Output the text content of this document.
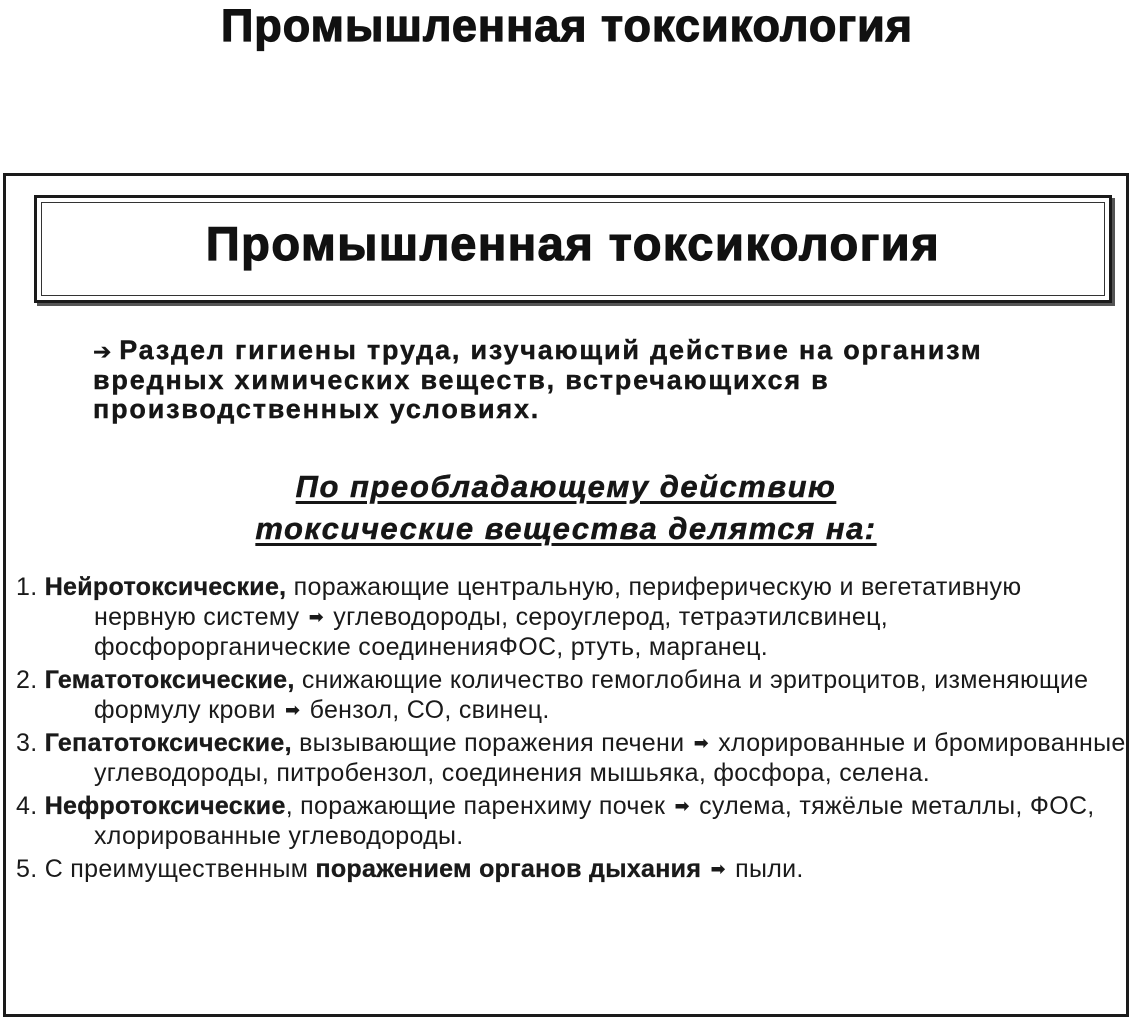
Промышленная токсикология
Промышленная токсикология
➔ Раздел гигиены труда, изучающий действие на организм вредных химических веществ, встречающихся в производственных условиях.
По преобладающему действию
токсические вещества делятся на:
1. Нейротоксические, поражающие центральную, периферическую и вегетативную нервную систему ➡ углеводороды, сероуглерод, тетраэтилсвинец, фосфорорганические соединенияФОС, ртуть, марганец.
2. Гематотоксические, снижающие количество гемоглобина и эритроцитов, изменяющие формулу крови ➡ бензол, СО, свинец.
3. Гепатотоксические, вызывающие поражения печени ➡ хлорированные и бромированные углеводороды, питробензол, соединения мышьяка, фосфора, селена.
4. Нефротоксические, поражающие паренхиму почек ➡ сулема, тяжёлые металлы, ФОС, хлорированные углеводороды.
5. С преимущественным поражением органов дыхания ➡ пыли.
